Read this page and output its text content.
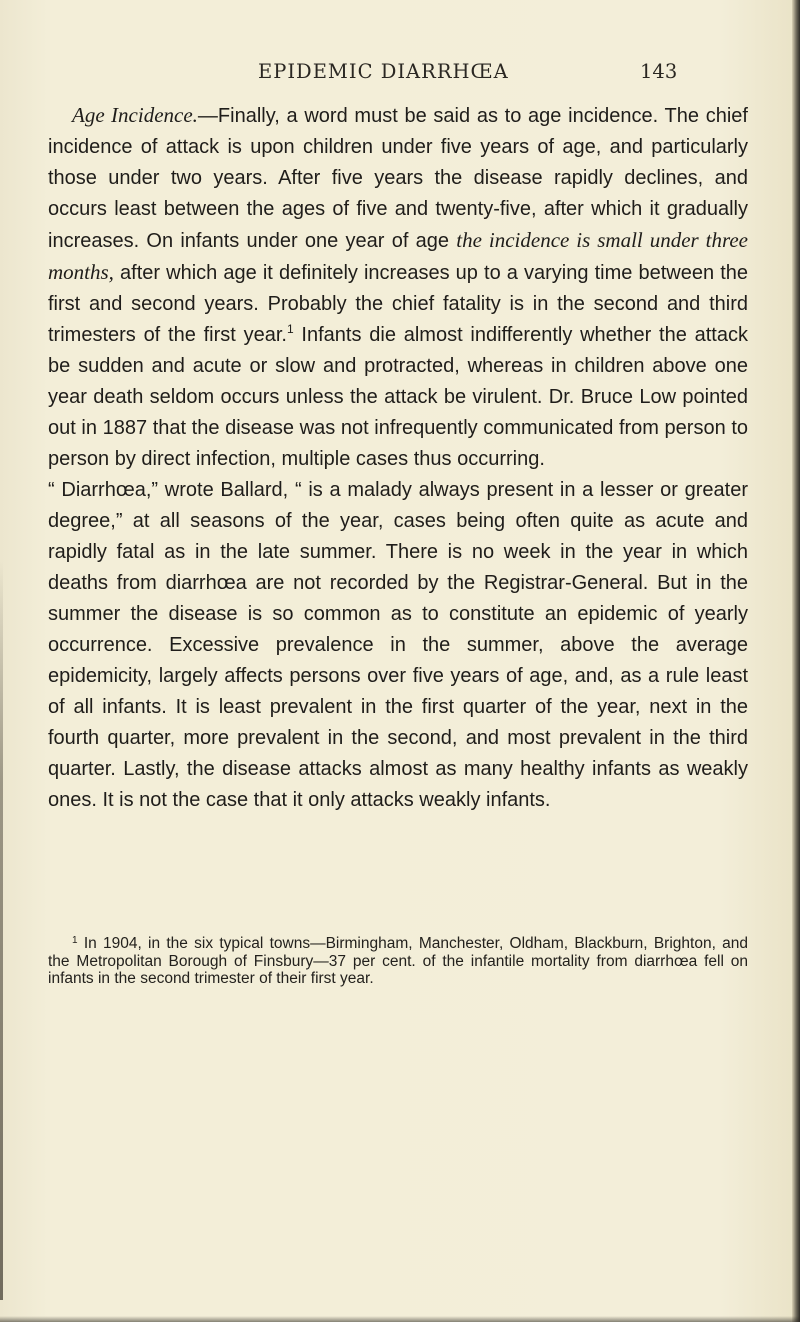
EPIDEMIC DIARRHŒA	143

Age Incidence.—Finally, a word must be said as to age incidence. The chief incidence of attack is upon children under five years of age, and particularly those under two years. After five years the disease rapidly declines, and occurs least between the ages of five and twenty-five, after which it gradually increases. On infants under one year of age the incidence is small under three months, after which age it definitely increases up to a varying time between the first and second years. Probably the chief fatality is in the second and third trimesters of the first year.$^1$ Infants die almost indifferently whether the attack be sudden and acute or slow and protracted, whereas in children above one year death seldom occurs unless the attack be virulent. Dr. Bruce Low pointed out in 1887 that the disease was not infrequently communicated from person to person by direct infection, multiple cases thus occurring.

“ Diarrhœa,” wrote Ballard, “ is a malady always present in a lesser or greater degree,” at all seasons of the year, cases being often quite as acute and rapidly fatal as in the late summer. There is no week in the year in which deaths from diarrhœa are not recorded by the Registrar-General. But in the summer the disease is so common as to constitute an epidemic of yearly occurrence. Excessive prevalence in the summer, above the average epidemicity, largely affects persons over five years of age, and, as a rule least of all infants. It is least prevalent in the first quarter of the year, next in the fourth quarter, more prevalent in the second, and most prevalent in the third quarter. Lastly, the disease attacks almost as many healthy infants as weakly ones. It is not the case that it only attacks weakly infants.

$^1$ In 1904, in the six typical towns—Birmingham, Manchester, Oldham, Blackburn, Brighton, and the Metropolitan Borough of Finsbury—37 per cent. of the infantile mortality from diarrhœa fell on infants in the second trimester of their first year.
